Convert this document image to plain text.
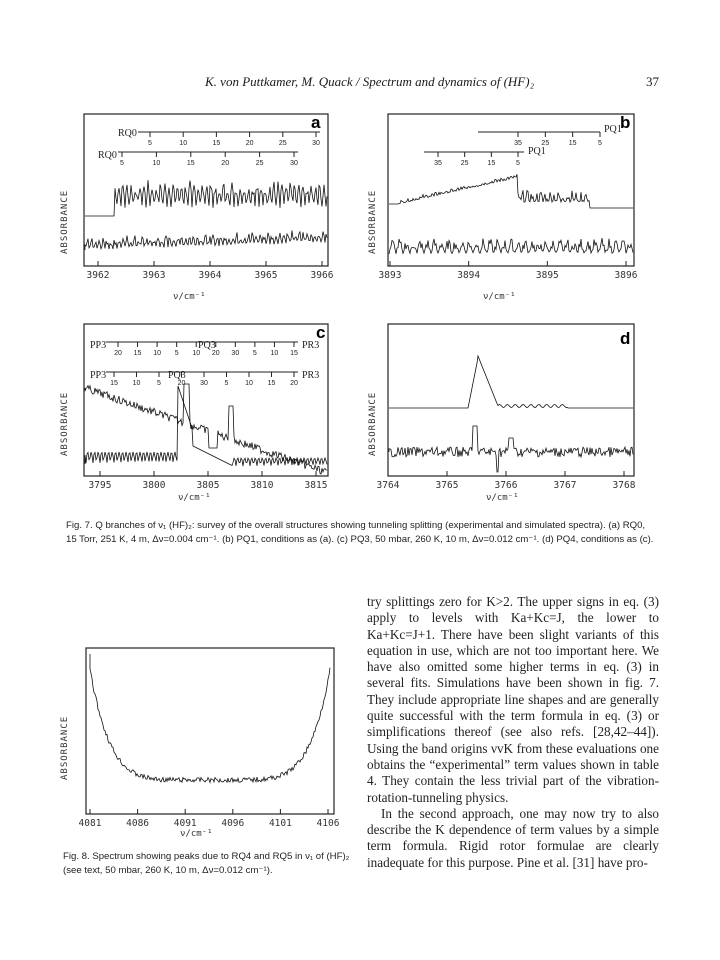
K. von Puttkamer, M. Quack / Spectrum and dynamics of (HF)₂	37
ABSORBANCE
a
RQ0
RQ0
5	10	15	20	25	30
5	10	15	20	25	30
3962	3963	3964	3965	3966
ν/cm⁻¹
ABSORBANCE
b
PQ1
PQ1
35	25	15	5
35	25	15	5
3893	3894	3895	3896
ν/cm⁻¹
ABSORBANCE
c
PP3	PQ3	PR3
PP3	PQ3	PR3
20 15 10 5 10 20 30 5 10 15
15 10 5 20 30 5 10 15 20
3795	3800	3805	3810	3815
ν/cm⁻¹
ABSORBANCE
d
3764	3765	3766	3767	3768
ν/cm⁻¹
Fig. 7. Q branches of ν₁ (HF)₂: survey of the overall structures showing tunneling splitting (experimental and simulated spectra). (a) RQ0, 15 Torr, 251 K, 4 m, Δν=0.004 cm⁻¹. (b) PQ1, conditions as (a). (c) PQ3, 50 mbar, 260 K, 10 m, Δν=0.012 cm⁻¹. (d) PQ4, conditions as (c).
ABSORBANCE
4081	4086	4091	4096	4101	4106
ν/cm⁻¹
Fig. 8. Spectrum showing peaks due to RQ4 and RQ5 in ν₁ of (HF)₂ (see text, 50 mbar, 260 K, 10 m, Δν=0.012 cm⁻¹).

try splittings zero for K>2. The upper signs in eq. (3) apply to levels with Ka+Kc=J, the lower to Ka+Kc=J+1. There have been slight variants of this equation in use, which are not too important here. We have also omitted some higher terms in eq. (3) in several fits. Simulations have been shown in fig. 7. They include appropriate line shapes and are generally quite successful with the term formula in eq. (3) or simplifications thereof (see also refs. [28,42–44]). Using the band origins νvK from these evaluations one obtains the “experimental” term values shown in table 4. They contain the less trivial part of the vibration-rotation-tunneling physics.

In the second approach, one may now try to also describe the K dependence of term values by a simple term formula. Rigid rotor formulae are clearly inadequate for this purpose. Pine et al. [31] have pro-
